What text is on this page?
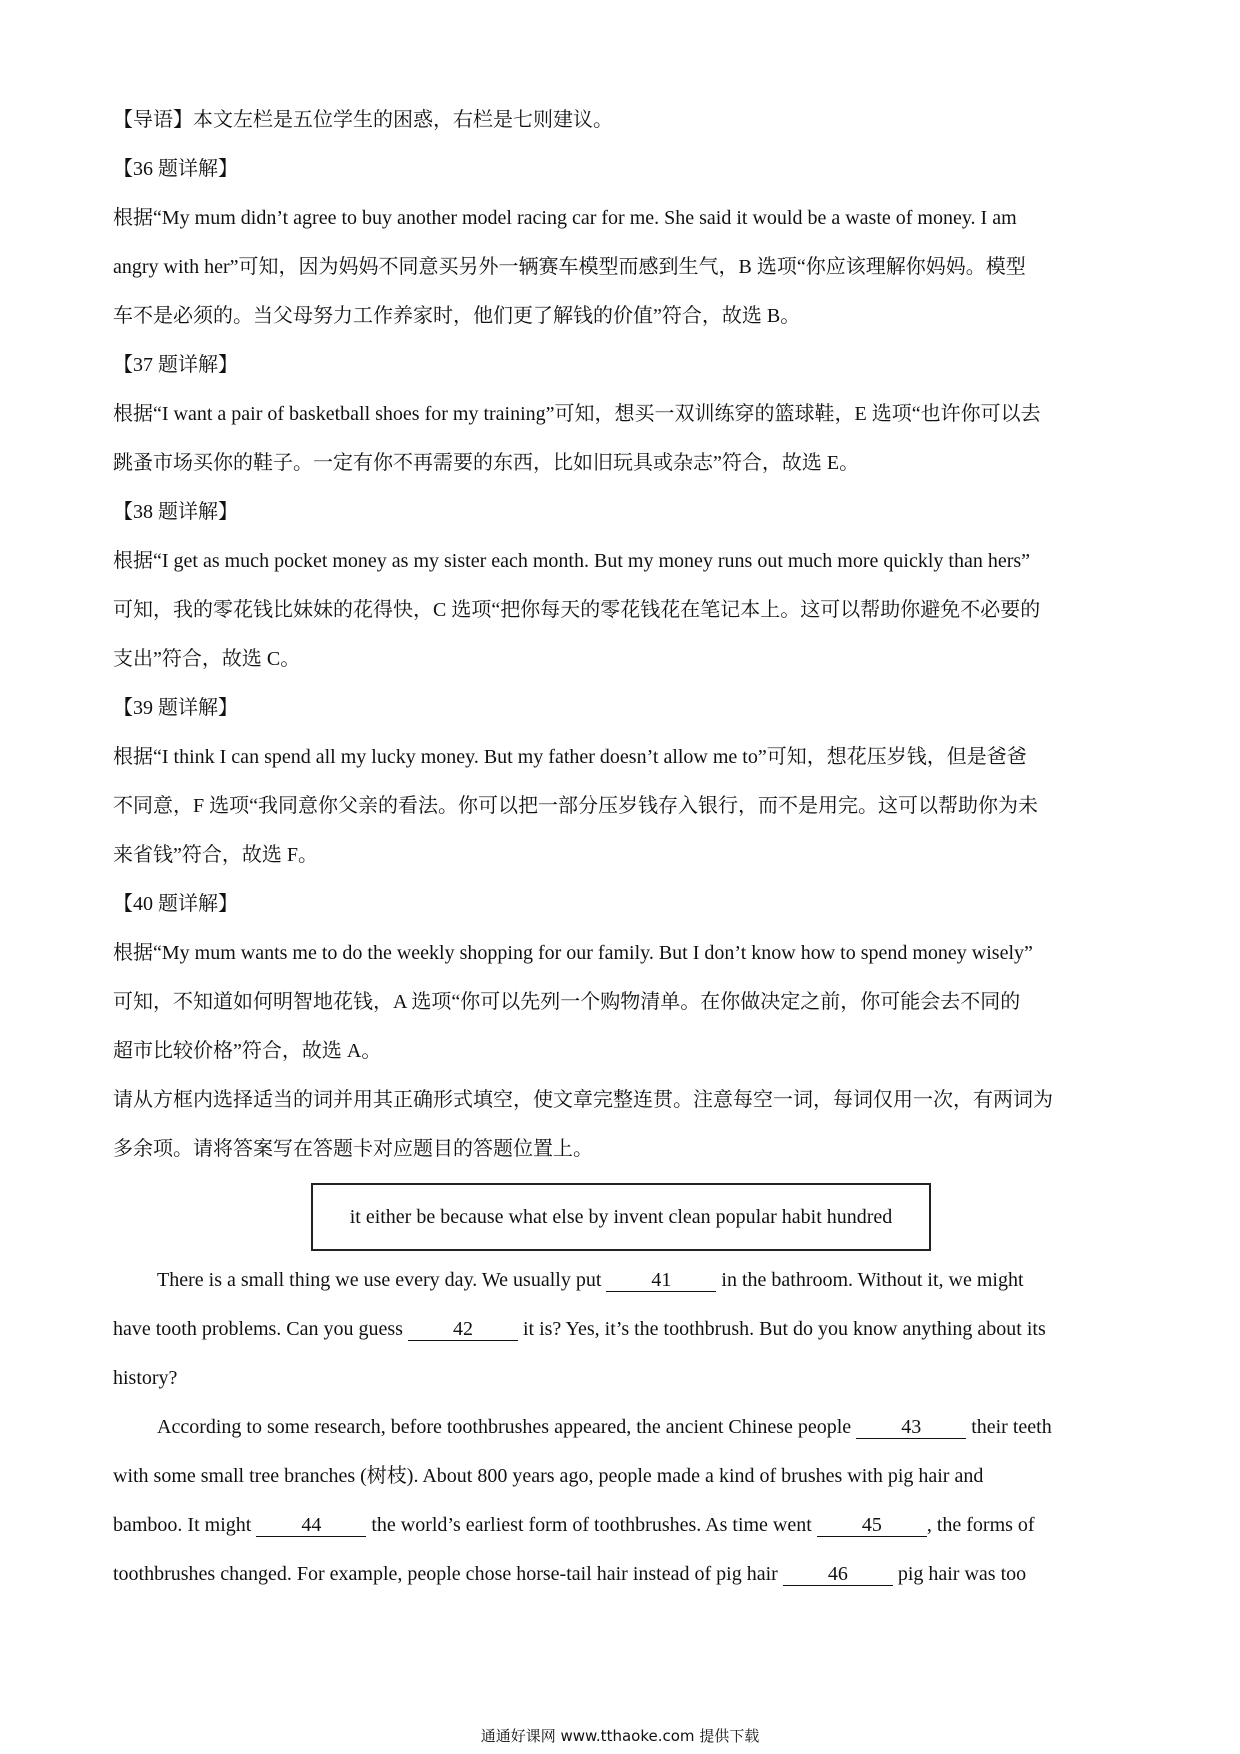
【导语】本文左栏是五位学生的困惑，右栏是七则建议。
【36 题详解】
根据“My mum didn’t agree to buy another model racing car for me. She said it would be a waste of money. I am
angry with her”可知，因为妈妈不同意买另外一辆赛车模型而感到生气，B 选项“你应该理解你妈妈。模型
车不是必须的。当父母努力工作养家时，他们更了解钱的价值”符合，故选 B。
【37 题详解】
根据“I want a pair of basketball shoes for my training”可知，想买一双训练穿的篮球鞋，E 选项“也许你可以去
跳蚤市场买你的鞋子。一定有你不再需要的东西，比如旧玩具或杂志”符合，故选 E。
【38 题详解】
根据“I get as much pocket money as my sister each month. But my money runs out much more quickly than hers”
可知，我的零花钱比妹妹的花得快，C 选项“把你每天的零花钱花在笔记本上。这可以帮助你避免不必要的
支出”符合，故选 C。
【39 题详解】
根据“I think I can spend all my lucky money. But my father doesn’t allow me to”可知，想花压岁钱，但是爸爸
不同意，F 选项“我同意你父亲的看法。你可以把一部分压岁钱存入银行，而不是用完。这可以帮助你为未
来省钱”符合，故选 F。
【40 题详解】
根据“My mum wants me to do the weekly shopping for our family. But I don’t know how to spend money wisely”
可知，不知道如何明智地花钱，A 选项“你可以先列一个购物清单。在你做决定之前，你可能会去不同的
超市比较价格”符合，故选 A。
请从方框内选择适当的词并用其正确形式填空，使文章完整连贯。注意每空一词，每词仅用一次，有两词为
多余项。请将答案写在答题卡对应题目的答题位置上。
it either be because what else by invent clean popular habit hundred
There is a small thing we use every day. We usually put	41	in the bathroom. Without it, we might
have tooth problems. Can you guess	42	it is? Yes, it’s the toothbrush. But do you know anything about its
history?
According to some research, before toothbrushes appeared, the ancient Chinese people	43	their teeth
with some small tree branches (树枝). About 800 years ago, people made a kind of brushes with pig hair and
bamboo. It might	44	the world’s earliest form of toothbrushes. As time went	45 , the forms of
toothbrushes changed. For example, people chose horse-tail hair instead of pig hair	46	pig hair was too
通通好课网 www.tthaoke.com 提供下载
